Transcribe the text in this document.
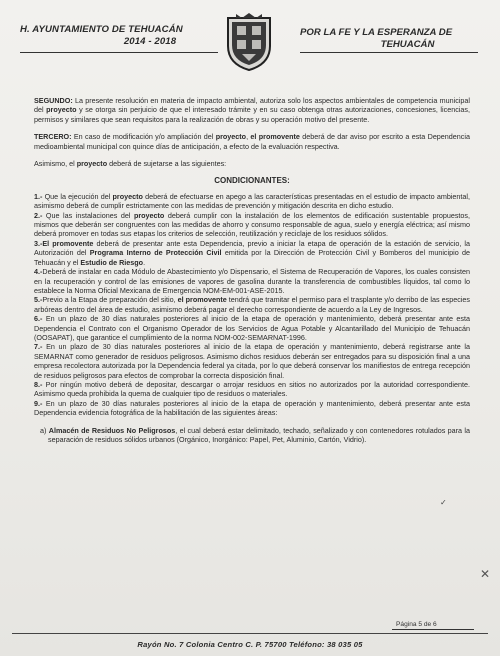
H. AYUNTAMIENTO DE TEHUACÁN
2014 - 2018
POR LA FE Y LA ESPERANZA DE
TEHUACÁN

SEGUNDO: La presente resolución en materia de impacto ambiental, autoriza solo los aspectos ambientales de competencia municipal del proyecto y se otorga sin perjuicio de que el interesado trámite y en su caso obtenga otras autorizaciones, concesiones, licencias, permisos y similares que sean requisitos para la realización de obras y su operación motivo del presente.

TERCERO: En caso de modificación y/o ampliación del proyecto, el promovente deberá de dar aviso por escrito a esta Dependencia medioambiental municipal con quince días de anticipación, a efecto de la evaluación respectiva.

Asimismo, el proyecto deberá de sujetarse a las siguientes:

CONDICIONANTES:

1.- Que la ejecución del proyecto deberá de efectuarse en apego a las características presentadas en el estudio de impacto ambiental, asimismo deberá de cumplir estrictamente con las medidas de prevención y mitigación descrita en dicho estudio.

2.- Que las instalaciones del proyecto deberá cumplir con la instalación de los elementos de edificación sustentable propuestos, mismos que deberán ser congruentes con las medidas de ahorro y consumo responsable de agua, suelo y energía eléctrica; así mismo deberá promover en todas sus etapas los criterios de selección, reutilización y reciclaje de los residuos sólidos.

3.-El promovente deberá de presentar ante esta Dependencia, previo a iniciar la etapa de operación de la estación de servicio, la Autorización del Programa Interno de Protección Civil emitida por la Dirección de Protección Civil y Bomberos del municipio de Tehuacán y el Estudio de Riesgo.

4.-Deberá de instalar en cada Módulo de Abastecimiento y/o Dispensario, el Sistema de Recuperación de Vapores, los cuales consisten en la recuperación y control de las emisiones de vapores de gasolina durante la transferencia de combustibles líquidos, tal como lo establece la Norma Oficial Mexicana de Emergencia NOM-EM-001-ASE-2015.

5.-Previo a la Etapa de preparación del sitio, el promovente tendrá que tramitar el permiso para el trasplante y/o derribo de las especies arbóreas dentro del área de estudio, asimismo deberá pagar el derecho correspondiente de acuerdo a la Ley de Ingresos.

6.- En un plazo de 30 días naturales posteriores al inicio de la etapa de operación y mantenimiento, deberá presentar ante esta Dependencia el Contrato con el Organismo Operador de los Servicios de Agua Potable y Alcantarillado del Municipio de Tehuacán (OOSAPAT), que garantice el cumplimiento de la norma NOM-002-SEMARNAT-1996.

7.- En un plazo de 30 días naturales posteriores al inicio de la etapa de operación y mantenimiento, deberá registrarse ante la SEMARNAT como generador de residuos peligrosos. Asimismo dichos residuos deberán ser entregados para su disposición final a una empresa recolectora autorizada por la Dependencia federal ya citada, por lo que deberá conservar los manifiestos de entrega recepción de residuos peligrosos para efectos de comprobar la correcta disposición final.

8.- Por ningún motivo deberá de depositar, descargar o arrojar residuos en sitios no autorizados por la autoridad correspondiente. Asimismo queda prohibida la quema de cualquier tipo de residuos o materiales.

9.- En un plazo de 30 días naturales posteriores al inicio de la etapa de operación y mantenimiento, deberá presentar ante esta Dependencia evidencia fotográfica de la habilitación de las siguientes áreas:

a) Almacén de Residuos No Peligrosos, el cual deberá estar delimitado, techado, señalizado y con contenedores rotulados para la separación de residuos sólidos urbanos (Orgánico, Inorgánico: Papel, Pet, Aluminio, Cartón, Vidrio).

✓
✕
Página 5 de 6
Rayón No. 7 Colonia Centro C. P. 75700 Teléfono: 38 035 05
